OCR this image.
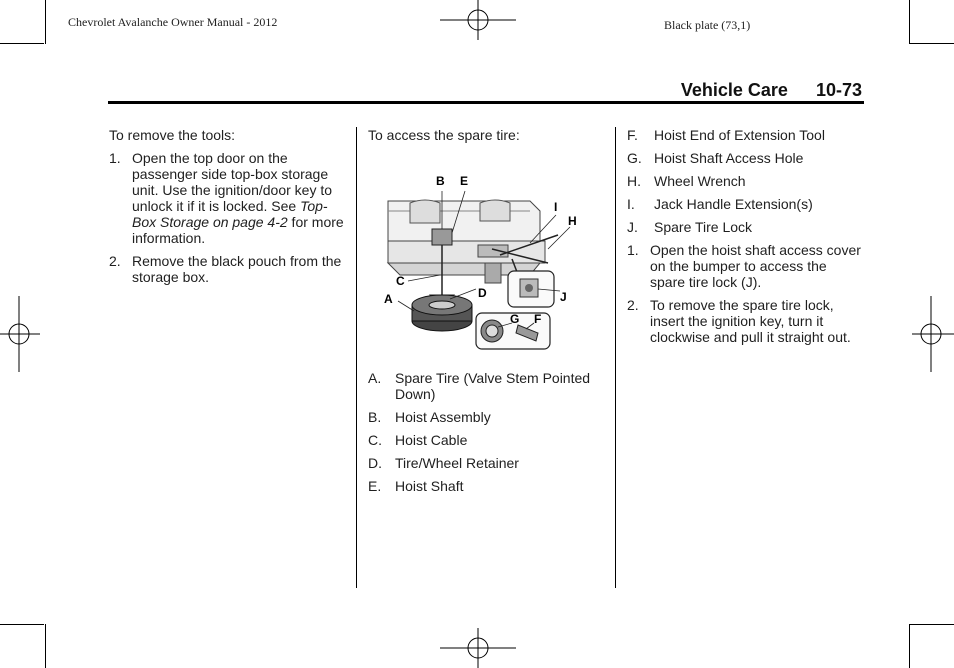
Chevrolet Avalanche Owner Manual - 2012	Black plate (73,1)
Vehicle Care 10-73

To remove the tools:

1. Open the top door on the passenger side top-box storage unit. Use the ignition/door key to unlock it if it is locked. See Top-Box Storage on page 4-2 for more information.
2. Remove the black pouch from the storage box.

To access the spare tire:

B E
I
H
C
D	J
A
G F
A. Spare Tire (Valve Stem Pointed Down)
B. Hoist Assembly
C. Hoist Cable
D. Tire/Wheel Retainer
E. Hoist Shaft
F.	Hoist End of Extension Tool
G. Hoist Shaft Access Hole
H. Wheel Wrench
I.	Jack Handle Extension(s)
J.	Spare Tire Lock
1. Open the hoist shaft access cover on the bumper to access the spare tire lock (J).
2. To remove the spare tire lock, insert the ignition key, turn it clockwise and pull it straight out.
